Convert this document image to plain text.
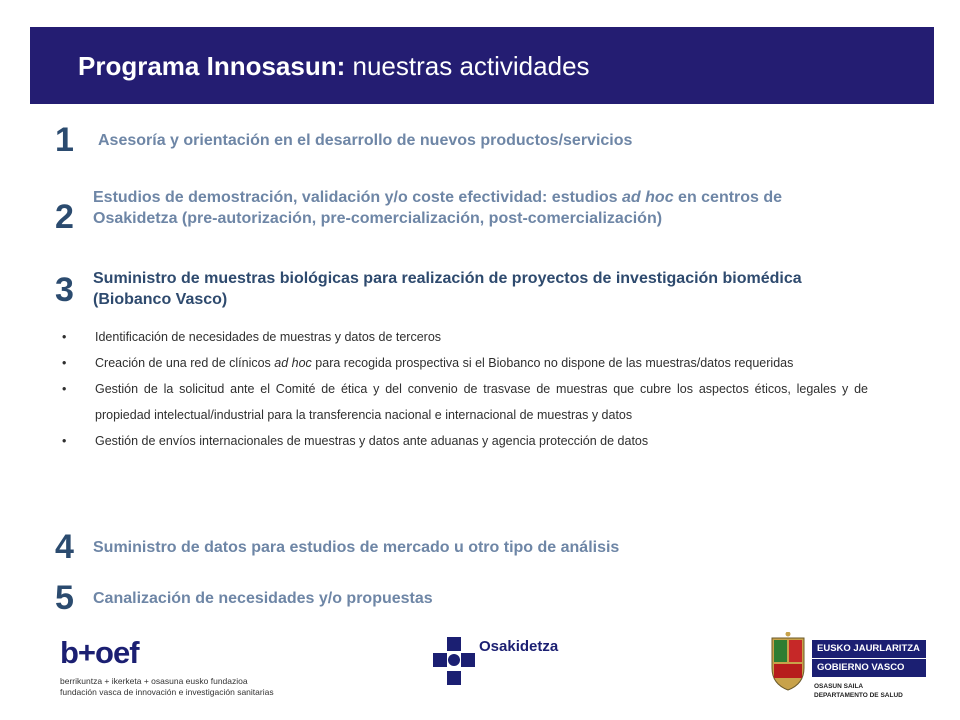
Programa Innosasun: nuestras actividades
1 Asesoría y orientación en el desarrollo de nuevos productos/servicios
2
Estudios de demostración, validación y/o coste efectividad: estudios ad hoc en centros de Osakidetza (pre-autorización, pre-comercialización, post-comercialización)
3 Suministro de muestras biológicas para realización de proyectos de investigación biomédica (Biobanco Vasco)
• Identificación de necesidades de muestras y datos de terceros
• Creación de una red de clínicos ad hoc para recogida prospectiva si el Biobanco no dispone de las muestras/datos requeridas
• Gestión de la solicitud ante el Comité de ética y del convenio de trasvase de muestras que cubre los aspectos éticos, legales y de propiedad intelectual/industrial para la transferencia nacional e internacional de muestras y datos
• Gestión de envíos internacionales de muestras y datos ante aduanas y agencia protección de datos
4 Suministro de datos para estudios de mercado u otro tipo de análisis
5 Canalización de necesidades y/o propuestas
b+oef
berrikuntza + ikerketa + osasuna eusko fundazioa
fundación vasca de innovación e investigación sanitarias
Osakidetza	EUSKO JAURLARITZA
GOBIERNO VASCO
OSASUN SAILA
DEPARTAMENTO DE SALUD
